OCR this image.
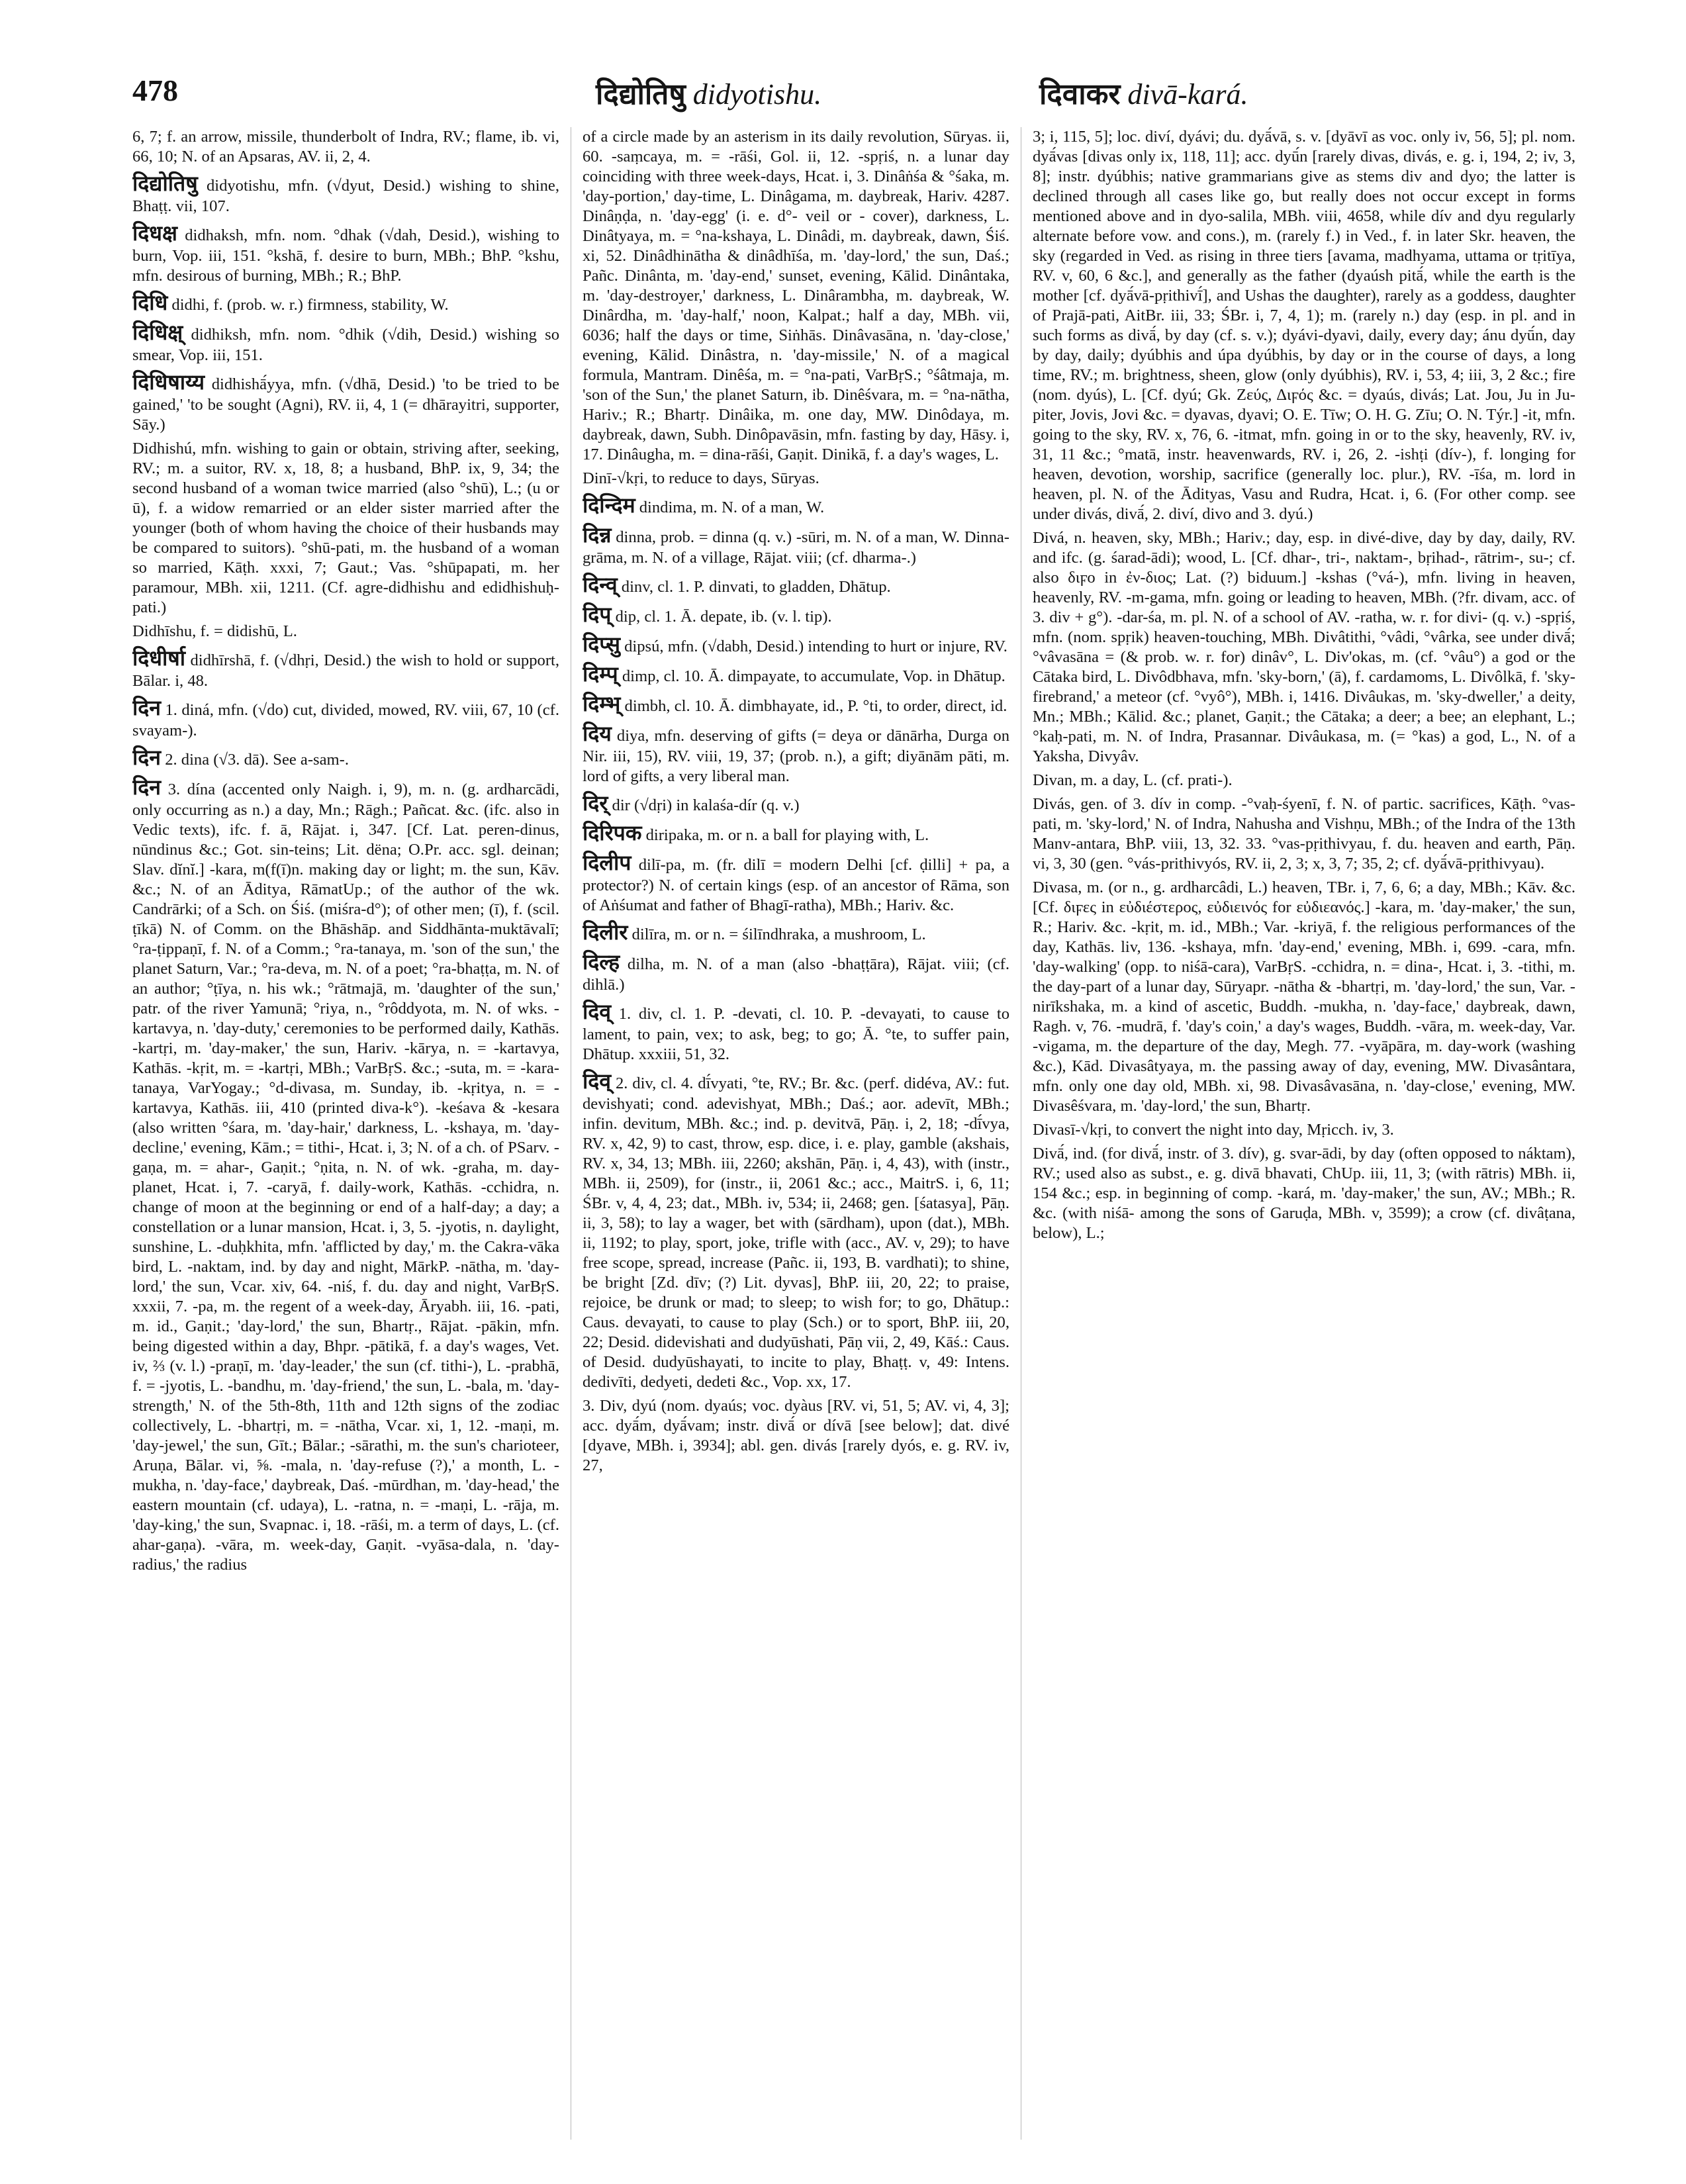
478	दिद्योतिषु didyotishu.	दिवाकर divā-kará.

6, 7; f. an arrow, missile, thunderbolt of Indra, RV.; flame, ib. vi, 66, 10; N. of an Apsaras, AV. ii, 2, 4.

दिद्योतिषु didyotishu, mfn. (√dyut, Desid.) wishing to shine, Bhaṭṭ. vii, 107.

दिधक्ष didhaksh, mfn. nom. °dhak (√dah, Desid.), wishing to burn, Vop. iii, 151. °kshā, f. desire to burn, MBh.; BhP. °kshu, mfn. desirous of burning, MBh.; R.; BhP.

दिधि didhi, f. (prob. w. r.) firmness, stability, W.

दिधिक्ष् didhiksh, mfn. nom. °dhik (√dih, Desid.) wishing so smear, Vop. iii, 151.

दिधिषाय्य didhishā́yya, mfn. (√dhā, Desid.) 'to be tried to be gained,' 'to be sought (Agni), RV. ii, 4, 1 (= dhārayitri, supporter, Sāy.)

Didhishú, mfn. wishing to gain or obtain, striving after, seeking, RV.; m. a suitor, RV. x, 18, 8; a husband, BhP. ix, 9, 34; the second husband of a woman twice married (also °shū), L.; (u or ū), f. a widow remarried or an elder sister married after the younger (both of whom having the choice of their husbands may be compared to suitors). °shū-pati, m. the husband of a woman so married, Kāṭh. xxxi, 7; Gaut.; Vas. °shūpapati, m. her paramour, MBh. xii, 1211. (Cf. agre-didhishu and edidhishuḥ-pati.)

Didhīshu, f. = didishū, L.

दिधीर्षा didhīrshā, f. (√dhṛi, Desid.) the wish to hold or support, Bālar. i, 48.

दिन 1. diná, mfn. (√do) cut, divided, mowed, RV. viii, 67, 10 (cf. svayam-).

दिन 2. dina (√3. dā). See a-sam-.

दिन 3. dína (accented only Naigh. i, 9), m. n. (g. ardharcādi, only occurring as n.) a day, Mn.; Rāgh.; Pañcat. &c. (ifc. also in Vedic texts), ifc. f. ā, Rājat. i, 347. [Cf. Lat. peren-dinus, nūndinus &c.; Got. sin-teins; Lit. dëna; O.Pr. acc. sgl. deinan; Slav. dĭnĭ.] -kara, m(f(ī)n. making day or light; m. the sun, Kāv. &c.; N. of an Āditya, RāmatUp.; of the author of the wk. Candrārki; of a Sch. on Śiś. (miśra-d°); of other men; (ī), f. (scil. ṭīkā) N. of Comm. on the Bhāshāp. and Siddhānta-muktāvalī; °ra-ṭippaṇī, f. N. of a Comm.; °ra-tanaya, m. 'son of the sun,' the planet Saturn, Var.; °ra-deva, m. N. of a poet; °ra-bhaṭṭa, m. N. of an author; °ṭīya, n. his wk.; °rātmajā, m. 'daughter of the sun,' patr. of the river Yamunā; °riya, n., °rôddyota, m. N. of wks. -kartavya, n. 'day-duty,' ceremonies to be performed daily, Kathās. -kartṛi, m. 'day-maker,' the sun, Hariv. -kārya, n. = -kartavya, Kathās. -kṛit, m. = -kartṛi, MBh.; VarBṛS. &c.; -suta, m. = -kara-tanaya, VarYogay.; °d-divasa, m. Sunday, ib. -kṛitya, n. = -kartavya, Kathās. iii, 410 (printed diva-k°). -keśava & -kesara (also written °śara, m. 'day-hair,' darkness, L. -kshaya, m. 'day-decline,' evening, Kām.; = tithi-, Hcat. i, 3; N. of a ch. of PSarv. -gaṇa, m. = ahar-, Gaṇit.; °ṇita, n. N. of wk. -graha, m. day-planet, Hcat. i, 7. -caryā, f. daily-work, Kathās. -cchidra, n. change of moon at the beginning or end of a half-day; a day; a constellation or a lunar mansion, Hcat. i, 3, 5. -jyotis, n. daylight, sunshine, L. -duḥkhita, mfn. 'afflicted by day,' m. the Cakra-vāka bird, L. -naktam, ind. by day and night, MārkP. -nātha, m. 'day-lord,' the sun, Vcar. xiv, 64. -niś, f. du. day and night, VarBṛS. xxxii, 7. -pa, m. the regent of a week-day, Āryabh. iii, 16. -pati, m. id., Gaṇit.; 'day-lord,' the sun, Bhartṛ., Rājat. -pākin, mfn. being digested within a day, Bhpr. -pātikā, f. a day's wages, Vet. iv, ⅔ (v. l.) -praṇī, m. 'day-leader,' the sun (cf. tithi-), L. -prabhā, f. = -jyotis, L. -bandhu, m. 'day-friend,' the sun, L. -bala, m. 'day-strength,' N. of the 5th-8th, 11th and 12th signs of the zodiac collectively, L. -bhartṛi, m. = -nātha, Vcar. xi, 1, 12. -maṇi, m. 'day-jewel,' the sun, Gīt.; Bālar.; -sārathi, m. the sun's charioteer, Aruṇa, Bālar. vi, ⅝. -mala, n. 'day-refuse (?),' a month, L. -mukha, n. 'day-face,' daybreak, Daś. -mūrdhan, m. 'day-head,' the eastern mountain (cf. udaya), L. -ratna, n. = -maṇi, L. -rāja, m. 'day-king,' the sun, Svapnac. i, 18. -rāśi, m. a term of days, L. (cf. ahar-gaṇa). -vāra, m. week-day, Gaṇit. -vyāsa-dala, n. 'day-radius,' the radius

of a circle made by an asterism in its daily revolution, Sūryas. ii, 60. -saṃcaya, m. = -rāśi, Gol. ii, 12. -spṛiś, n. a lunar day coinciding with three week-days, Hcat. i, 3. Dinâṅśa & °śaka, m. 'day-portion,' day-time, L. Dinâgama, m. daybreak, Hariv. 4287. Dinâṇḍa, n. 'day-egg' (i. e. d°- veil or - cover), darkness, L. Dinâtyaya, m. = °na-kshaya, L. Dinâdi, m. daybreak, dawn, Śiś. xi, 52. Dinâdhinātha & dinâdhīśa, m. 'day-lord,' the sun, Daś.; Pañc. Dinânta, m. 'day-end,' sunset, evening, Kālid. Dinântaka, m. 'day-destroyer,' darkness, L. Dinârambha, m. daybreak, W. Dinârdha, m. 'day-half,' noon, Kalpat.; half a day, MBh. vii, 6036; half the days or time, Siṅhās. Dinâvasāna, n. 'day-close,' evening, Kālid. Dinâstra, n. 'day-missile,' N. of a magical formula, Mantram. Dinêśa, m. = °na-pati, VarBṛS.; °śâtmaja, m. 'son of the Sun,' the planet Saturn, ib. Dinêśvara, m. = °na-nātha, Hariv.; R.; Bhartṛ. Dinâika, m. one day, MW. Dinôdaya, m. daybreak, dawn, Subh. Dinôpavāsin, mfn. fasting by day, Hāsy. i, 17. Dinâugha, m. = dina-rāśi, Gaṇit. Dinikā, f. a day's wages, L.

Dinī-√kṛi, to reduce to days, Sūryas.

दिन्दिम dindima, m. N. of a man, W.

दिन्न dinna, prob. = dinna (q. v.) -sūri, m. N. of a man, W. Dinna-grāma, m. N. of a village, Rājat. viii; (cf. dharma-.)

दिन्व् dinv, cl. 1. P. dinvati, to gladden, Dhātup.

दिप् dip, cl. 1. Ā. depate, ib. (v. l. tip).

दिप्सु dipsú, mfn. (√dabh, Desid.) intending to hurt or injure, RV.

दिम्प् dimp, cl. 10. Ā. dimpayate, to accumulate, Vop. in Dhātup.

दिम्भ् dimbh, cl. 10. Ā. dimbhayate, id., P. °ti, to order, direct, id.

दिय diya, mfn. deserving of gifts (= deya or dānārha, Durga on Nir. iii, 15), RV. viii, 19, 37; (prob. n.), a gift; diyānām pāti, m. lord of gifts, a very liberal man.

दिर् dir (√dṛi) in kalaśa-dír (q. v.)

दिरिपक diripaka, m. or n. a ball for playing with, L.

दिलीप dilī-pa, m. (fr. dilī = modern Delhi [cf. ḍilli] + pa, a protector?) N. of certain kings (esp. of an ancestor of Rāma, son of Aṅśumat and father of Bhagī-ratha), MBh.; Hariv. &c.

दिलीर dilīra, m. or n. = śilīndhraka, a mushroom, L.

दिल्ह dilha, m. N. of a man (also -bhaṭṭāra), Rājat. viii; (cf. dihlā.)

दिव् 1. div, cl. 1. P. -devati, cl. 10. P. -devayati, to cause to lament, to pain, vex; to ask, beg; to go; Ā. °te, to suffer pain, Dhātup. xxxiii, 51, 32.

दिव् 2. div, cl. 4. dī́vyati, °te, RV.; Br. &c. (perf. didéva, AV.: fut. devishyati; cond. adevishyat, MBh.; Daś.; aor. adevīt, MBh.; infin. devitum, MBh. &c.; ind. p. devitvā, Pāṇ. i, 2, 18; -dī́vya, RV. x, 42, 9) to cast, throw, esp. dice, i. e. play, gamble (akshais, RV. x, 34, 13; MBh. iii, 2260; akshān, Pāṇ. i, 4, 43), with (instr., MBh. ii, 2509), for (instr., ii, 2061 &c.; acc., MaitrS. i, 6, 11; ŚBr. v, 4, 4, 23; dat., MBh. iv, 534; ii, 2468; gen. [śatasya], Pāṇ. ii, 3, 58); to lay a wager, bet with (sārdham), upon (dat.), MBh. ii, 1192; to play, sport, joke, trifle with (acc., AV. v, 29); to have free scope, spread, increase (Pañc. ii, 193, B. vardhati); to shine, be bright [Zd. dīv; (?) Lit. dyvas], BhP. iii, 20, 22; to praise, rejoice, be drunk or mad; to sleep; to wish for; to go, Dhātup.: Caus. devayati, to cause to play (Sch.) or to sport, BhP. iii, 20, 22; Desid. didevishati and dudyūshati, Pāṇ vii, 2, 49, Kāś.: Caus. of Desid. dudyūshayati, to incite to play, Bhaṭṭ. v, 49: Intens. dedivīti, dedyeti, dedeti &c., Vop. xx, 17.

3. Div, dyú (nom. dyaús; voc. dyàus [RV. vi, 51, 5; AV. vi, 4, 3]; acc. dyā́m, dyā́vam; instr. divā́ or dívā [see below]; dat. divé [dyave, MBh. i, 3934]; abl. gen. divás [rarely dyós, e. g. RV. iv, 27,

3; i, 115, 5]; loc. diví, dyávi; du. dyā́vā, s. v. [dyāvī as voc. only iv, 56, 5]; pl. nom. dyā́vas [divas only ix, 118, 11]; acc. dyū́n [rarely divas, divás, e. g. i, 194, 2; iv, 3, 8]; instr. dyúbhis; native grammarians give as stems div and dyo; the latter is declined through all cases like go, but really does not occur except in forms mentioned above and in dyo-salila, MBh. viii, 4658, while dív and dyu regularly alternate before vow. and cons.), m. (rarely f.) in Ved., f. in later Skr. heaven, the sky (regarded in Ved. as rising in three tiers [avama, madhyama, uttama or tṛitīya, RV. v, 60, 6 &c.], and generally as the father (dyaúsh pitā́, while the earth is the mother [cf. dyā́vā-pṛithivī́], and Ushas the daughter), rarely as a goddess, daughter of Prajā-pati, AitBr. iii, 33; ŚBr. i, 7, 4, 1); m. (rarely n.) day (esp. in pl. and in such forms as divā́, by day (cf. s. v.); dyávi-dyavi, daily, every day; ánu dyū́n, day by day, daily; dyúbhis and úpa dyúbhis, by day or in the course of days, a long time, RV.; m. brightness, sheen, glow (only dyúbhis), RV. i, 53, 4; iii, 3, 2 &c.; fire (nom. dyús), L. [Cf. dyú; Gk. Ζεύς, Διϝός &c. = dyaús, divás; Lat. Jou, Ju in Ju-piter, Jovis, Jovi &c. = dyavas, dyavi; O. E. Tīw; O. H. G. Zīu; O. N. Týr.] -it, mfn. going to the sky, RV. x, 76, 6. -itmat, mfn. going in or to the sky, heavenly, RV. iv, 31, 11 &c.; °matā, instr. heavenwards, RV. i, 26, 2. -ishṭi (dív-), f. longing for heaven, devotion, worship, sacrifice (generally loc. plur.), RV. -īśa, m. lord in heaven, pl. N. of the Ādityas, Vasu and Rudra, Hcat. i, 6. (For other comp. see under divás, divā́, 2. diví, divo and 3. dyú.)

Divá, n. heaven, sky, MBh.; Hariv.; day, esp. in divé-dive, day by day, daily, RV. and ifc. (g. śarad-ādi); wood, L. [Cf. dhar-, tri-, naktam-, bṛihad-, rātrim-, su-; cf. also διϝο in ἐν-διος; Lat. (?) biduum.] -kshas (°vá-), mfn. living in heaven, heavenly, RV. -m-gama, mfn. going or leading to heaven, MBh. (?fr. divam, acc. of 3. div + g°). -dar-śa, m. pl. N. of a school of AV. -ratha, w. r. for divi- (q. v.) -spṛiś, mfn. (nom. spṛik) heaven-touching, MBh. Divâtithi, °vâdi, °vârka, see under divā́; °vâvasāna = (& prob. w. r. for) dinâv°, L. Div'okas, m. (cf. °vâu°) a god or the Cātaka bird, L. Divôdbhava, mfn. 'sky-born,' (ā), f. cardamoms, L. Divôlkā, f. 'sky-firebrand,' a meteor (cf. °vyô°), MBh. i, 1416. Divâukas, m. 'sky-dweller,' a deity, Mn.; MBh.; Kālid. &c.; planet, Gaṇit.; the Cātaka; a deer; a bee; an elephant, L.; °kaḥ-pati, m. N. of Indra, Prasannar. Divâukasa, m. (= °kas) a god, L., N. of a Yaksha, Divyâv.

Divan, m. a day, L. (cf. prati-).

Divás, gen. of 3. dív in comp. -°vaḥ-śyenī, f. N. of partic. sacrifices, Kāṭh. °vas-pati, m. 'sky-lord,' N. of Indra, Nahusha and Vishṇu, MBh.; of the Indra of the 13th Manv-antara, BhP. viii, 13, 32. 33. °vas-pṛithivyau, f. du. heaven and earth, Pāṇ. vi, 3, 30 (gen. °vás-prithivyós, RV. ii, 2, 3; x, 3, 7; 35, 2; cf. dyā́vā-pṛithivyau).

Divasa, m. (or n., g. ardharcâdi, L.) heaven, TBr. i, 7, 6, 6; a day, MBh.; Kāv. &c. [Cf. διϝες in εὐδιέστερος, εὐδιεινός for εὐδιεανός.] -kara, m. 'day-maker,' the sun, R.; Hariv. &c. -kṛit, m. id., MBh.; Var. -kriyā, f. the religious performances of the day, Kathās. liv, 136. -kshaya, mfn. 'day-end,' evening, MBh. i, 699. -cara, mfn. 'day-walking' (opp. to niśā-cara), VarBṛS. -cchidra, n. = dina-, Hcat. i, 3. -tithi, m. the day-part of a lunar day, Sūryapr. -nātha & -bhartṛi, m. 'day-lord,' the sun, Var. -nirīkshaka, m. a kind of ascetic, Buddh. -mukha, n. 'day-face,' daybreak, dawn, Ragh. v, 76. -mudrā, f. 'day's coin,' a day's wages, Buddh. -vāra, m. week-day, Var. -vigama, m. the departure of the day, Megh. 77. -vyāpāra, m. day-work (washing &c.), Kād. Divasâtyaya, m. the passing away of day, evening, MW. Divasântara, mfn. only one day old, MBh. xi, 98. Divasâvasāna, n. 'day-close,' evening, MW. Divasêśvara, m. 'day-lord,' the sun, Bhartṛ.

Divasī-√kṛi, to convert the night into day, Mṛicch. iv, 3.

Divā́, ind. (for divā́, instr. of 3. dív), g. svar-ādi, by day (often opposed to náktam), RV.; used also as subst., e. g. divā bhavati, ChUp. iii, 11, 3; (with rātris) MBh. ii, 154 &c.; esp. in beginning of comp. -kará, m. 'day-maker,' the sun, AV.; MBh.; R. &c. (with niśā- among the sons of Garuḍa, MBh. v, 3599); a crow (cf. divâṭana, below), L.;
